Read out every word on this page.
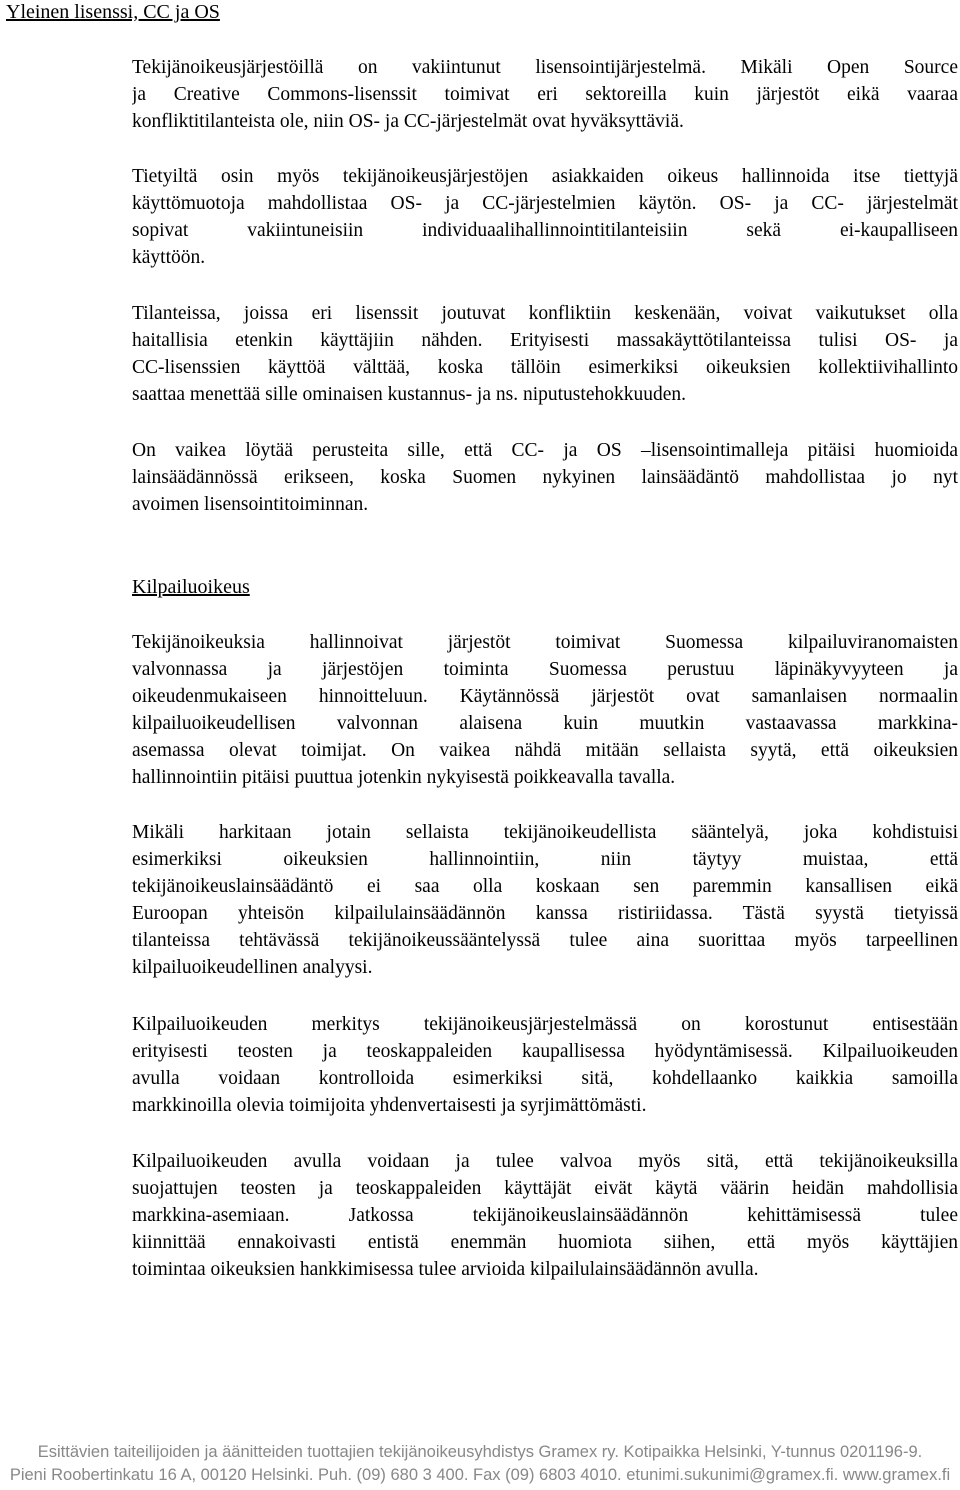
Yleinen lisenssi, CC ja OS
Tekijänoikeusjärjestöillä on vakiintunut lisensointijärjestelmä. Mikäli Open Source
ja Creative Commons-lisenssit toimivat eri sektoreilla kuin järjestöt eikä vaaraa
konfliktitilanteista ole, niin OS- ja CC-järjestelmät ovat hyväksyttäviä.
Tietyiltä osin myös tekijänoikeusjärjestöjen asiakkaiden oikeus hallinnoida itse tiettyjä
käyttömuotoja mahdollistaa OS- ja CC-järjestelmien käytön. OS- ja CC- järjestelmät
sopivat vakiintuneisiin individuaalihallinnointitilanteisiin sekä ei-kaupalliseen
käyttöön.
Tilanteissa, joissa eri lisenssit joutuvat konfliktiin keskenään, voivat vaikutukset olla
haitallisia etenkin käyttäjiin nähden. Erityisesti massakäyttötilanteissa tulisi OS- ja
CC-lisenssien käyttöä välttää, koska tällöin esimerkiksi oikeuksien kollektiivihallinto
saattaa menettää sille ominaisen kustannus- ja ns. niputustehokkuuden.
On vaikea löytää perusteita sille, että CC- ja OS –lisensointimalleja pitäisi huomioida
lainsäädännössä erikseen, koska Suomen nykyinen lainsäädäntö mahdollistaa jo nyt
avoimen lisensointitoiminnan.
Kilpailuoikeus
Tekijänoikeuksia hallinnoivat järjestöt toimivat Suomessa kilpailuviranomaisten
valvonnassa ja järjestöjen toiminta Suomessa perustuu läpinäkyvyyteen ja
oikeudenmukaiseen hinnoitteluun. Käytännössä järjestöt ovat samanlaisen normaalin
kilpailuoikeudellisen valvonnan alaisena kuin muutkin vastaavassa markkina-
asemassa olevat toimijat. On vaikea nähdä mitään sellaista syytä, että oikeuksien
hallinnointiin pitäisi puuttua jotenkin nykyisestä poikkeavalla tavalla.
Mikäli harkitaan jotain sellaista tekijänoikeudellista sääntelyä, joka kohdistuisi
esimerkiksi oikeuksien hallinnointiin, niin täytyy muistaa, että
tekijänoikeuslainsäädäntö ei saa olla koskaan sen paremmin kansallisen eikä
Euroopan yhteisön kilpailulainsäädännön kanssa ristiriidassa. Tästä syystä tietyissä
tilanteissa tehtävässä tekijänoikeussääntelyssä tulee aina suorittaa myös tarpeellinen
kilpailuoikeudellinen analyysi.
Kilpailuoikeuden merkitys tekijänoikeusjärjestelmässä on korostunut entisestään
erityisesti teosten ja teoskappaleiden kaupallisessa hyödyntämisessä. Kilpailuoikeuden
avulla voidaan kontrolloida esimerkiksi sitä, kohdellaanko kaikkia samoilla
markkinoilla olevia toimijoita yhdenvertaisesti ja syrjimättömästi.
Kilpailuoikeuden avulla voidaan ja tulee valvoa myös sitä, että tekijänoikeuksilla
suojattujen teosten ja teoskappaleiden käyttäjät eivät käytä väärin heidän mahdollisia
markkina-asemiaan. Jatkossa tekijänoikeuslainsäädännön kehittämisessä tulee
kiinnittää ennakoivasti entistä enemmän huomiota siihen, että myös käyttäjien
toimintaa oikeuksien hankkimisessa tulee arvioida kilpailulainsäädännön avulla.
Esittävien taiteilijoiden ja äänitteiden tuottajien tekijänoikeusyhdistys Gramex ry. Kotipaikka Helsinki, Y-tunnus 0201196-9.
Pieni Roobertinkatu 16 A, 00120 Helsinki. Puh. (09) 680 3 400. Fax (09) 6803 4010. etunimi.sukunimi@gramex.fi. www.gramex.fi
